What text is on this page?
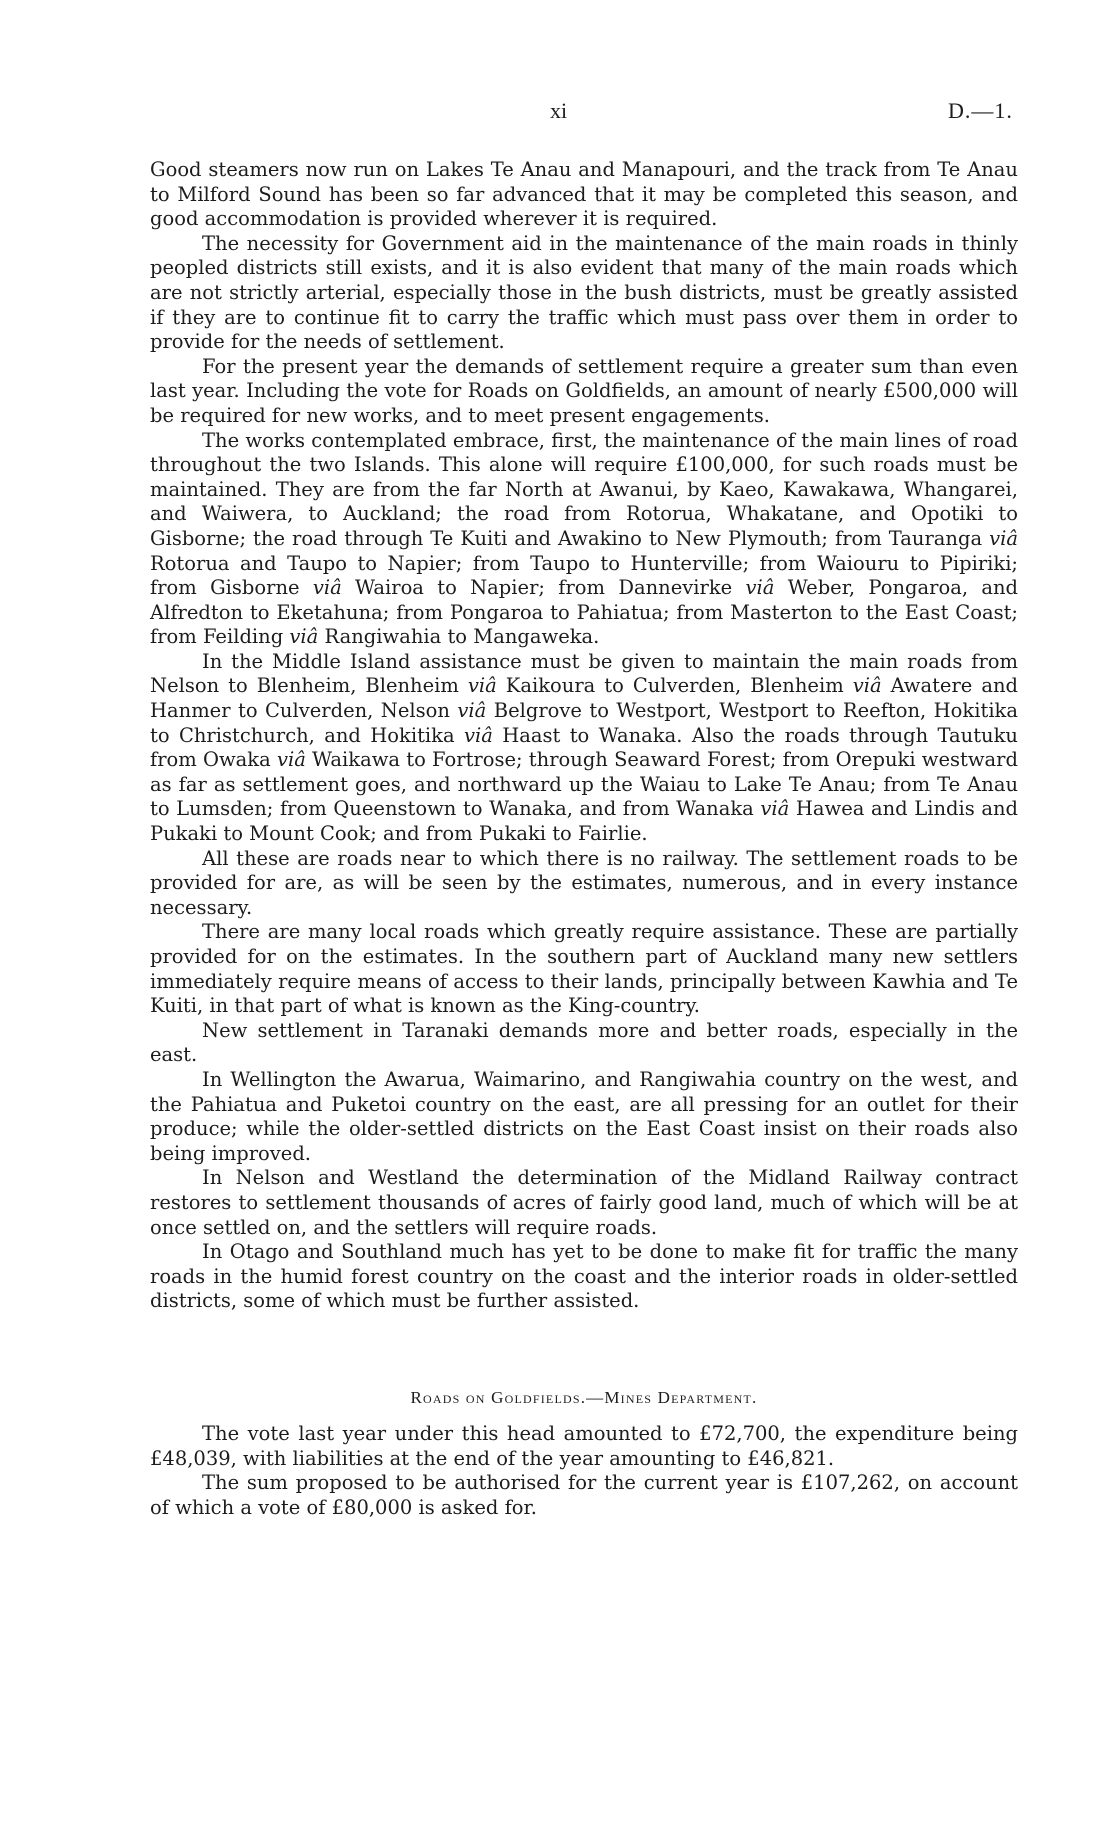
xi	D.—1.

Good steamers now run on Lakes Te Anau and Manapouri, and the track from Te Anau to Milford Sound has been so far advanced that it may be completed this season, and good accommodation is provided wherever it is required.

The necessity for Government aid in the maintenance of the main roads in thinly peopled districts still exists, and it is also evident that many of the main roads which are not strictly arterial, especially those in the bush districts, must be greatly assisted if they are to continue fit to carry the traffic which must pass over them in order to provide for the needs of settlement.

For the present year the demands of settlement require a greater sum than even last year. Including the vote for Roads on Goldfields, an amount of nearly £500,000 will be required for new works, and to meet present engagements.

The works contemplated embrace, first, the maintenance of the main lines of road throughout the two Islands. This alone will require £100,000, for such roads must be maintained. They are from the far North at Awanui, by Kaeo, Kawakawa, Whangarei, and Waiwera, to Auckland; the road from Rotorua, Whakatane, and Opotiki to Gisborne; the road through Te Kuiti and Awakino to New Plymouth; from Tauranga viâ Rotorua and Taupo to Napier; from Taupo to Hunterville; from Waiouru to Pipiriki; from Gisborne viâ Wairoa to Napier; from Dannevirke viâ Weber, Pongaroa, and Alfredton to Eketahuna; from Pongaroa to Pahiatua; from Masterton to the East Coast; from Feilding viâ Rangiwahia to Mangaweka.

In the Middle Island assistance must be given to maintain the main roads from Nelson to Blenheim, Blenheim viâ Kaikoura to Culverden, Blenheim viâ Awatere and Hanmer to Culverden, Nelson viâ Belgrove to Westport, Westport to Reefton, Hokitika to Christchurch, and Hokitika viâ Haast to Wanaka. Also the roads through Tautuku from Owaka viâ Waikawa to Fortrose; through Seaward Forest; from Orepuki westward as far as settlement goes, and northward up the Waiau to Lake Te Anau; from Te Anau to Lumsden; from Queenstown to Wanaka, and from Wanaka viâ Hawea and Lindis and Pukaki to Mount Cook; and from Pukaki to Fairlie.

All these are roads near to which there is no railway. The settlement roads to be provided for are, as will be seen by the estimates, numerous, and in every instance necessary.

There are many local roads which greatly require assistance. These are partially provided for on the estimates. In the southern part of Auckland many new settlers immediately require means of access to their lands, principally between Kawhia and Te Kuiti, in that part of what is known as the King-country.

New settlement in Taranaki demands more and better roads, especially in the east.

In Wellington the Awarua, Waimarino, and Rangiwahia country on the west, and the Pahiatua and Puketoi country on the east, are all pressing for an outlet for their produce; while the older-settled districts on the East Coast insist on their roads also being improved.

In Nelson and Westland the determination of the Midland Railway contract restores to settlement thousands of acres of fairly good land, much of which will be at once settled on, and the settlers will require roads.

In Otago and Southland much has yet to be done to make fit for traffic the many roads in the humid forest country on the coast and the interior roads in older-settled districts, some of which must be further assisted.

Roads on Goldfields.—Mines Department.

The vote last year under this head amounted to £72,700, the expenditure being £48,039, with liabilities at the end of the year amounting to £46,821.

The sum proposed to be authorised for the current year is £107,262, on account of which a vote of £80,000 is asked for.
